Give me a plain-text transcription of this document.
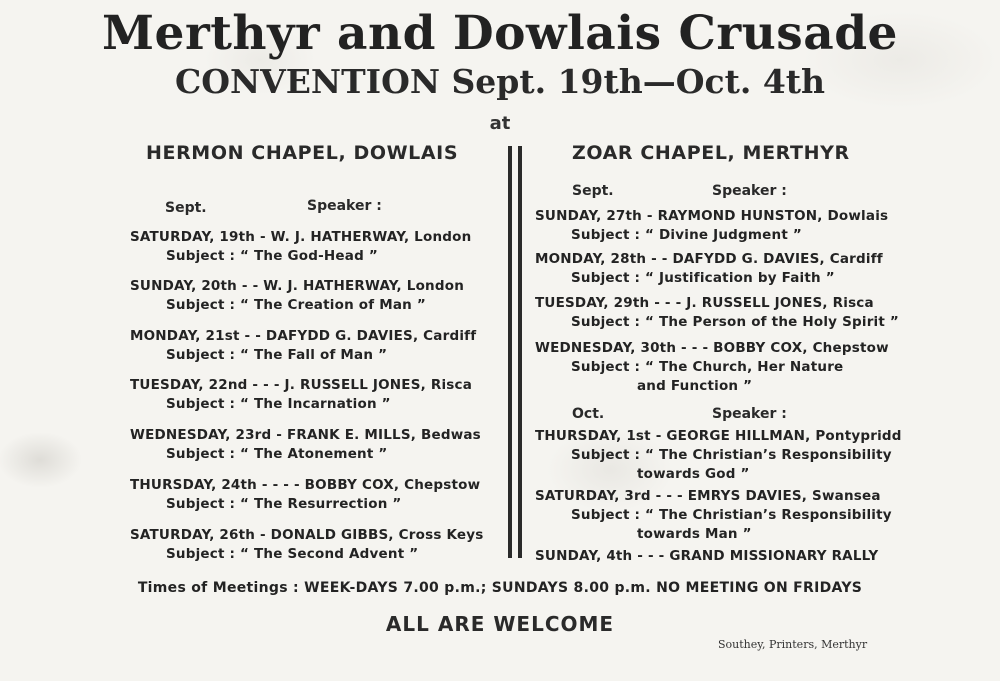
Merthyr and Dowlais Crusade
CONVENTION Sept. 19th—Oct. 4th
at
HERMON CHAPEL, DOWLAIS	ZOAR CHAPEL, MERTHYR
Sept.	Speaker :
SATURDAY, 19th - W. J. HATHERWAY, London
Subject : “ The God-Head ”
SUNDAY, 20th - - W. J. HATHERWAY, London
Subject : “ The Creation of Man ”
MONDAY, 21st - - DAFYDD G. DAVIES, Cardiff
Subject : “ The Fall of Man ”
TUESDAY, 22nd - - - J. RUSSELL JONES, Risca
Subject : “ The Incarnation ”
WEDNESDAY, 23rd - FRANK E. MILLS, Bedwas
Subject : “ The Atonement ”
THURSDAY, 24th - - - - BOBBY COX, Chepstow
Subject : “ The Resurrection ”
SATURDAY, 26th - DONALD GIBBS, Cross Keys
Subject : “ The Second Advent ”
Sept.	Speaker :
SUNDAY, 27th - RAYMOND HUNSTON, Dowlais
Subject : “ Divine Judgment ”
MONDAY, 28th - - DAFYDD G. DAVIES, Cardiff
Subject : “ Justification by Faith ”
TUESDAY, 29th - - - J. RUSSELL JONES, Risca
Subject : “ The Person of the Holy Spirit ”
WEDNESDAY, 30th - - - BOBBY COX, Chepstow
Subject : “ The Church, Her Nature
and Function ”
Oct.	Speaker :
THURSDAY, 1st - GEORGE HILLMAN, Pontypridd
Subject : “ The Christian’s Responsibility
towards God ”
SATURDAY, 3rd - - - EMRYS DAVIES, Swansea
Subject : “ The Christian’s Responsibility
towards Man ”
SUNDAY, 4th - - - GRAND MISSIONARY RALLY
Times of Meetings : WEEK-DAYS 7.00 p.m.; SUNDAYS 8.00 p.m. NO MEETING ON FRIDAYS
ALL ARE WELCOME
Southey, Printers, Merthyr
